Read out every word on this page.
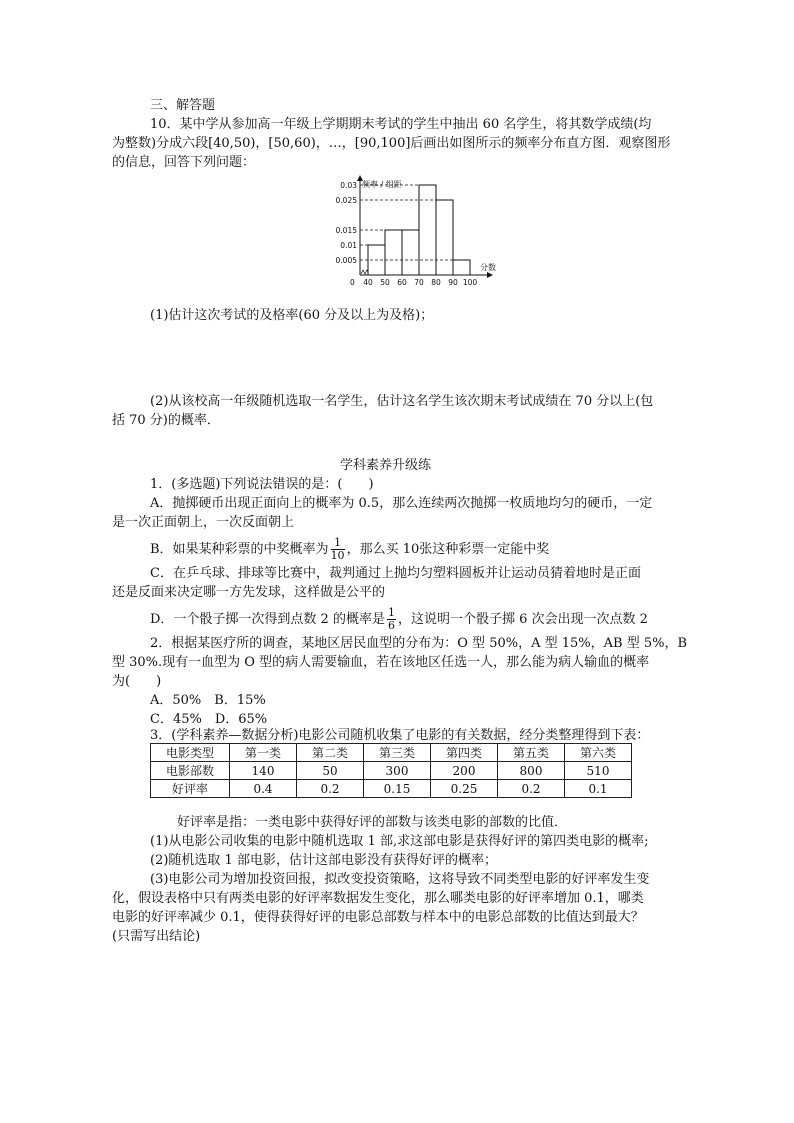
三、解答题
10．某中学从参加高一年级上学期期末考试的学生中抽出 60 名学生，将其数学成绩(均
为整数)分成六段[40,50)，[50,60)，…，[90,100]后画出如图所示的频率分布直方图．观察图形
的信息，回答下列问题：
0.005
0.01
0.015
0.025
0.03
40 50 60 70 80 90 100
0
频率 / 组距
分数
(1)估计这次考试的及格率(60 分及以上为及格)；
(2)从该校高一年级随机选取一名学生，估计这名学生该次期末考试成绩在 70 分以上(包
括 70 分)的概率．
学科素养升级练
1．(多选题)下列说法错误的是：(　　)
A．抛掷硬币出现正面向上的概率为 0.5，那么连续两次抛掷一枚质地均匀的硬币，一定
是一次正面朝上，一次反面朝上
B．如果某种彩票的中奖概率为 $\frac{1}{10}$ ，那么买 10张这种彩票一定能中奖
C．在乒乓球、排球等比赛中，裁判通过上抛均匀塑料圆板并让运动员猜着地时是正面
还是反面来决定哪一方先发球，这样做是公平的
D．一个骰子掷一次得到点数 2 的概率是 $\frac{1}{6}$ ，这说明一个骰子掷 6 次会出现一次点数 2
2．根据某医疗所的调查，某地区居民血型的分布为：O 型 50%，A 型 15%，AB 型 5%，B
型 30%.现有一血型为 O 型的病人需要输血，若在该地区任选一人，那么能为病人输血的概率
为(　　)
A．50%　B．15%
C．45%　D．65%
3．(学科素养—数据分析)电影公司随机收集了电影的有关数据，经分类整理得到下表：
电影类型	第一类	第二类	第三类	第四类	第五类	第六类
电影部数	140	50	300	200	800	510
好评率	0.4	0.2	0.15	0.25	0.2	0.1
好评率是指：一类电影中获得好评的部数与该类电影的部数的比值．
(1)从电影公司收集的电影中随机选取 1 部,求这部电影是获得好评的第四类电影的概率;
(2)随机选取 1 部电影，估计这部电影没有获得好评的概率；
(3)电影公司为增加投资回报，拟改变投资策略，这将导致不同类型电影的好评率发生变
化，假设表格中只有两类电影的好评率数据发生变化，那么哪类电影的好评率增加 0.1，哪类
电影的好评率减少 0.1，使得获得好评的电影总部数与样本中的电影总部数的比值达到最大？
(只需写出结论)
